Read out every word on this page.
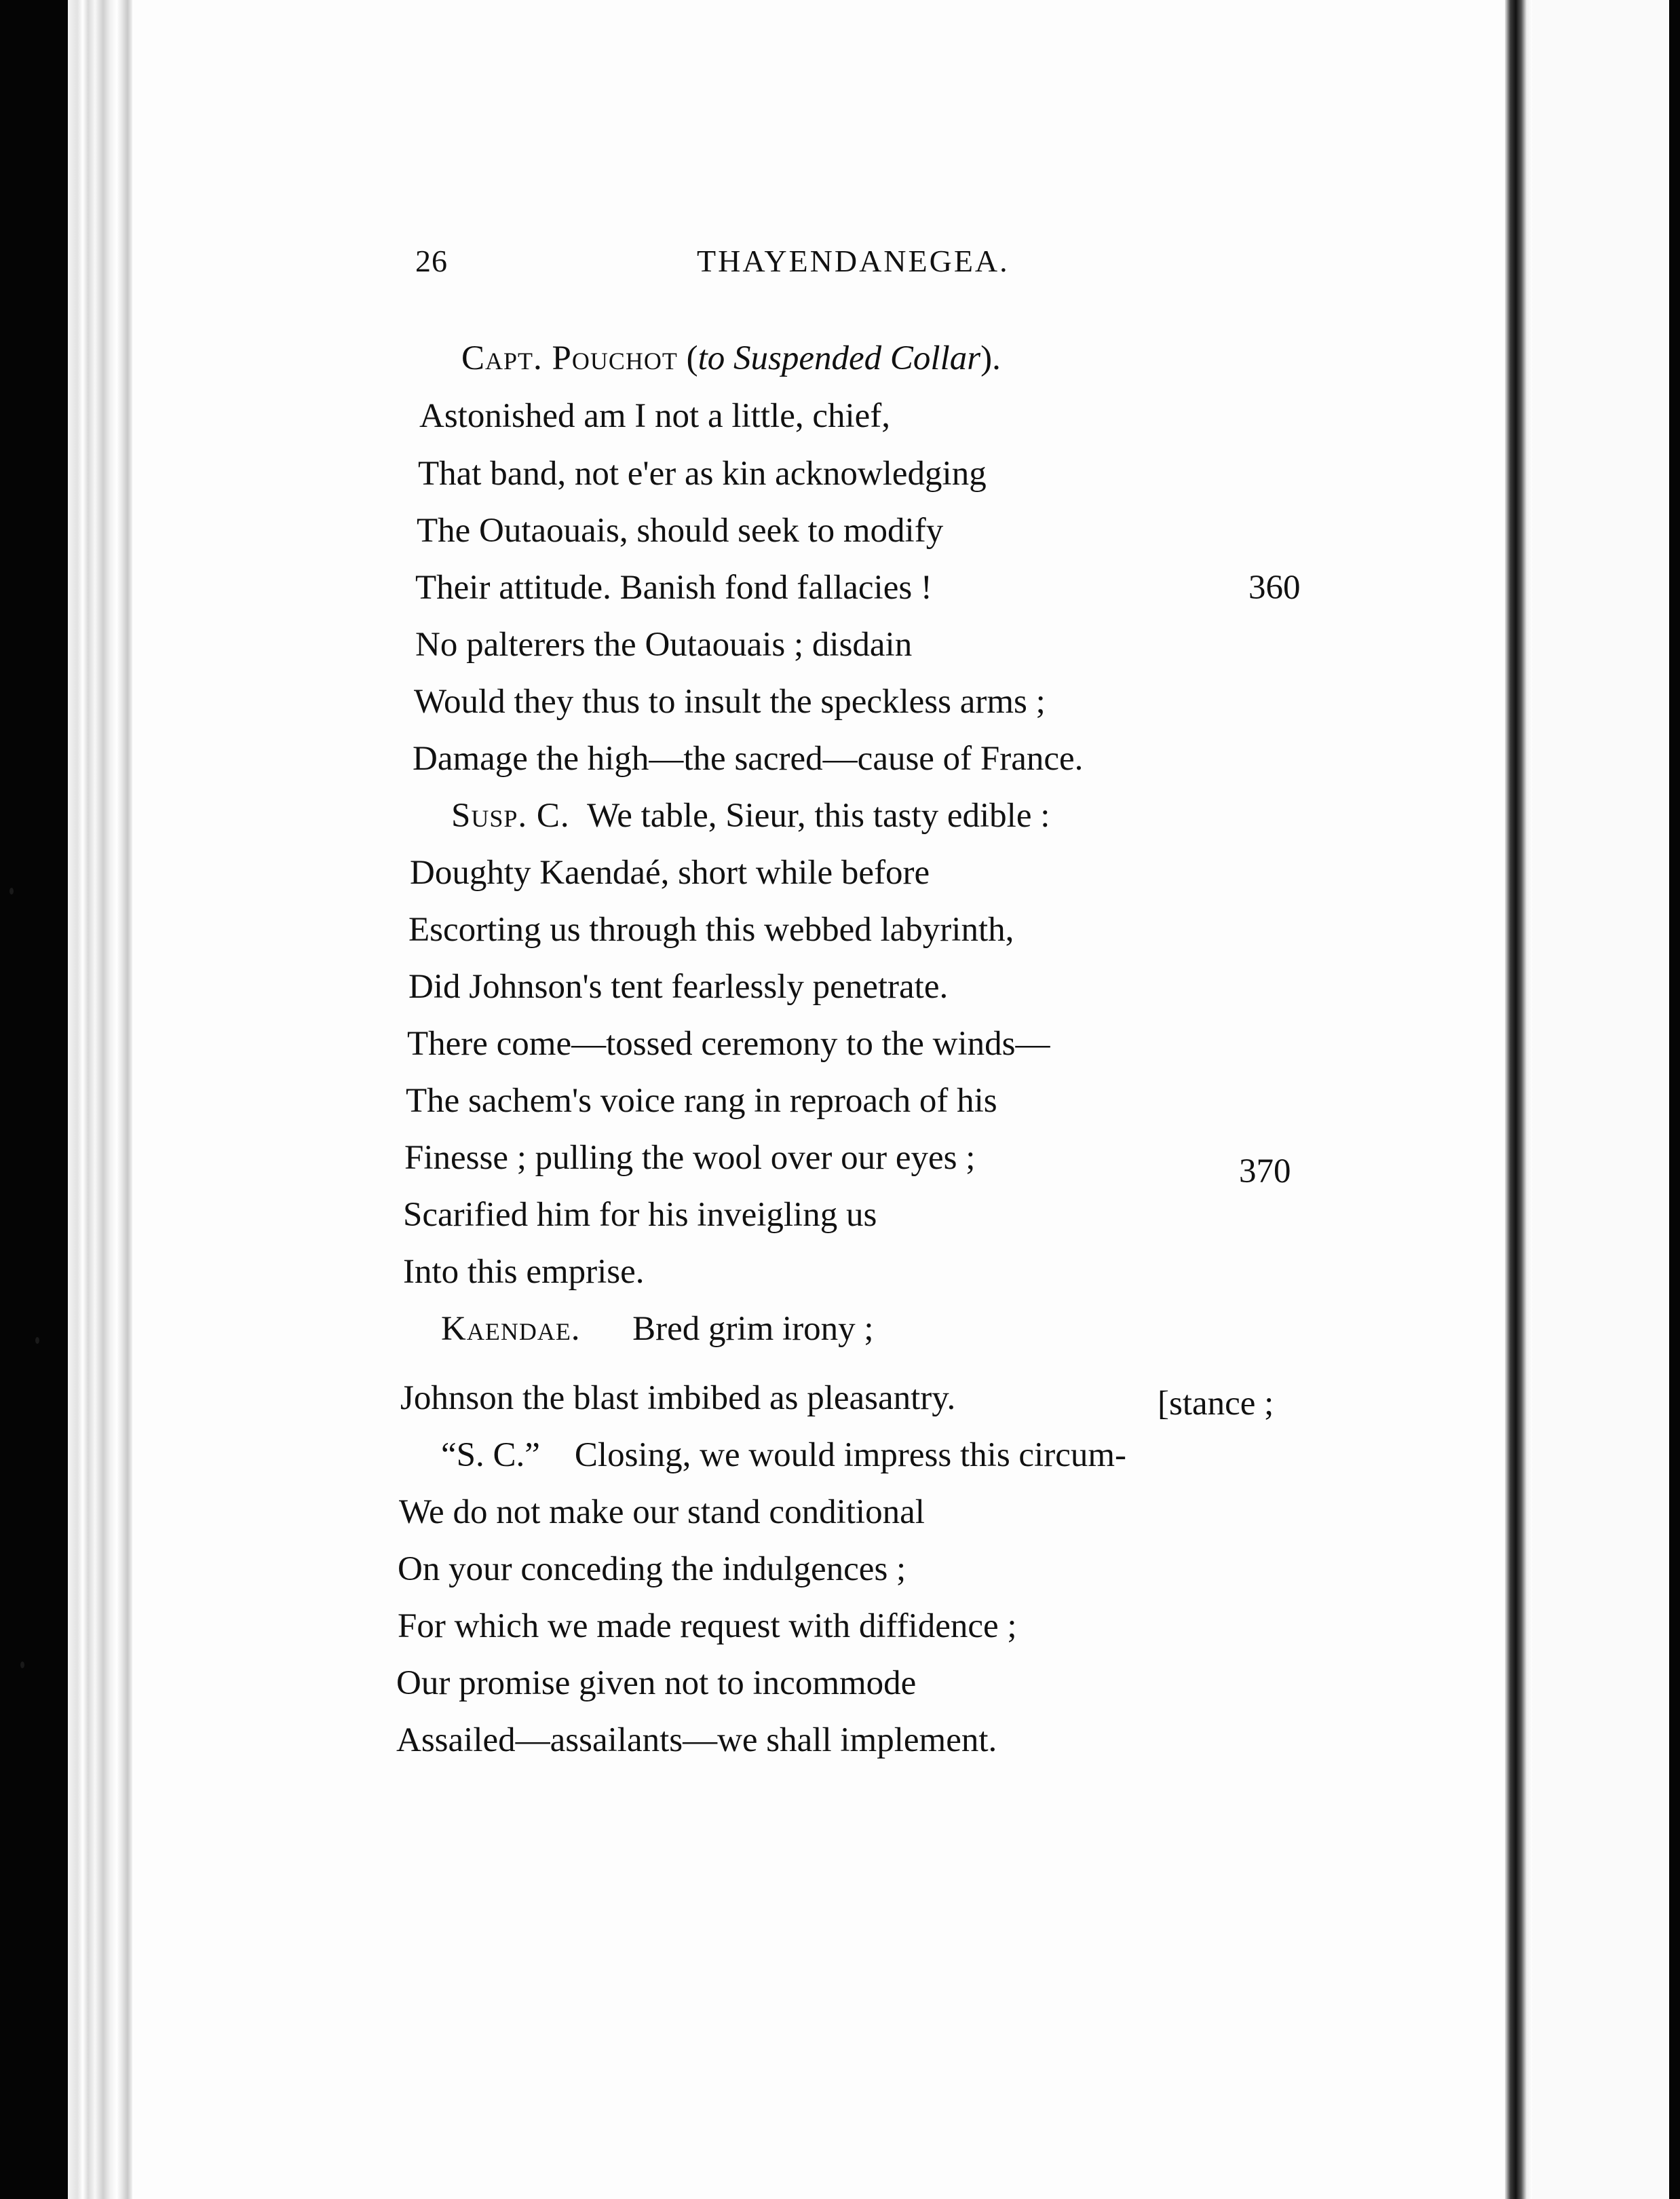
26	THAYENDANEGEA.
Capt. Pouchot (to Suspended Collar).
Astonished am I not a little, chief,
That band, not e'er as kin acknowledging
The Outaouais, should seek to modify
Their attitude. Banish fond fallacies !	360
No palterers the Outaouais ; disdain
Would they thus to insult the speckless arms ;
Damage the high—the sacred—cause of France.
Susp. C. We table, Sieur, this tasty edible :
Doughty Kaendaé, short while before
Escorting us through this webbed labyrinth,
Did Johnson's tent fearlessly penetrate.
There come—tossed ceremony to the winds—
The sachem's voice rang in reproach of his
Finesse ; pulling the wool over our eyes ;	370
Scarified him for his inveigling us
Into this emprise.
Kaendae. Bred grim irony ;
Johnson the blast imbibed as pleasantry.	[stance ;
“S. C.” Closing, we would impress this circum-
We do not make our stand conditional
On your conceding the indulgences ;
For which we made request with diffidence ;
Our promise given not to incommode
Assailed—assailants—we shall implement.
